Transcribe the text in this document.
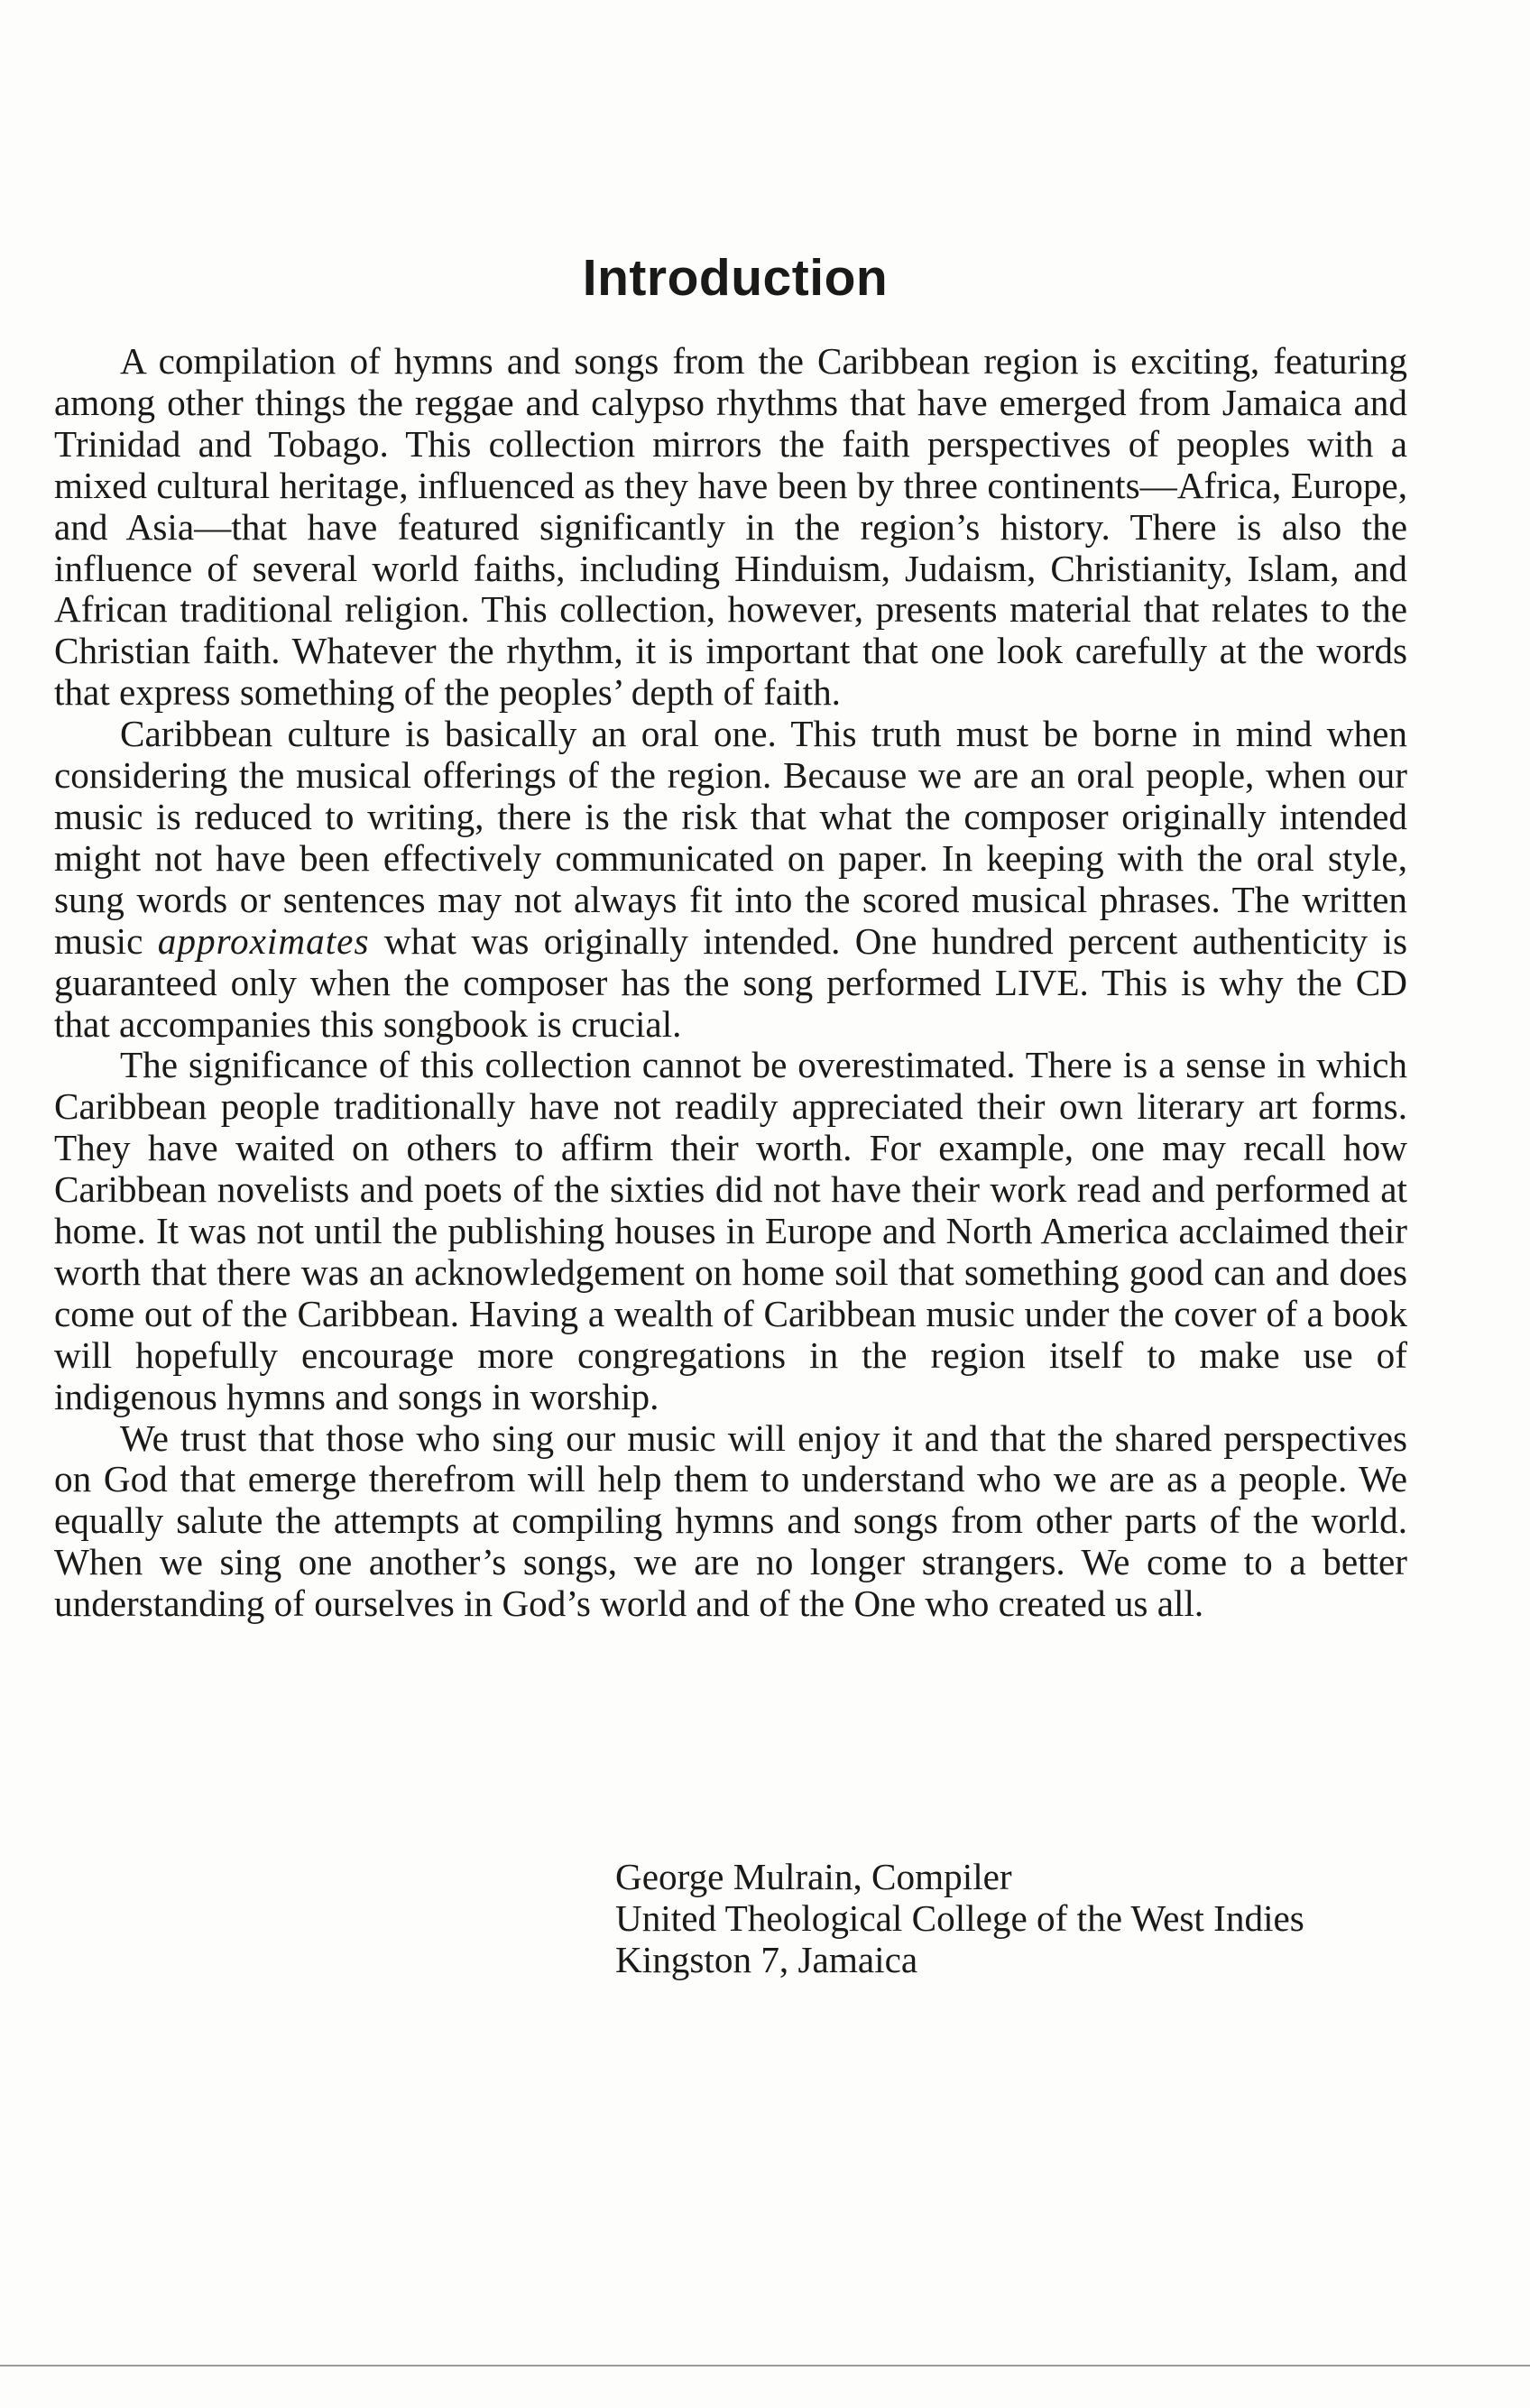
Introduction

A compilation of hymns and songs from the Caribbean region is exciting, featuring among other things the reggae and calypso rhythms that have emerged from Jamaica and Trinidad and Tobago. This collection mirrors the faith perspectives of peoples with a mixed cultural heritage, influenced as they have been by three continents—Africa, Europe, and Asia—that have featured significantly in the region’s history. There is also the influence of several world faiths, including Hinduism, Judaism, Christianity, Islam, and African traditional religion. This collection, however, presents material that relates to the Christian faith. Whatever the rhythm, it is important that one look carefully at the words that express something of the peoples’ depth of faith.

Caribbean culture is basically an oral one. This truth must be borne in mind when considering the musical offerings of the region. Because we are an oral people, when our music is reduced to writing, there is the risk that what the composer originally intended might not have been effectively communicated on paper. In keeping with the oral style, sung words or sentences may not always fit into the scored musical phrases. The written music approximates what was originally intended. One hundred percent authenticity is guaranteed only when the composer has the song performed LIVE. This is why the CD that accompanies this songbook is crucial.

The significance of this collection cannot be overestimated. There is a sense in which Caribbean people traditionally have not readily appreciated their own literary art forms. They have waited on others to affirm their worth. For example, one may recall how Caribbean novelists and poets of the sixties did not have their work read and performed at home. It was not until the publishing houses in Europe and North America acclaimed their worth that there was an acknowledgement on home soil that something good can and does come out of the Caribbean. Having a wealth of Caribbean music under the cover of a book will hopefully encourage more congregations in the region itself to make use of indigenous hymns and songs in worship.

We trust that those who sing our music will enjoy it and that the shared perspectives on God that emerge therefrom will help them to understand who we are as a people. We equally salute the attempts at compiling hymns and songs from other parts of the world. When we sing one another’s songs, we are no longer strangers. We come to a better understanding of ourselves in God’s world and of the One who created us all.

George Mulrain, Compiler
United Theological College of the West Indies
Kingston 7, Jamaica
